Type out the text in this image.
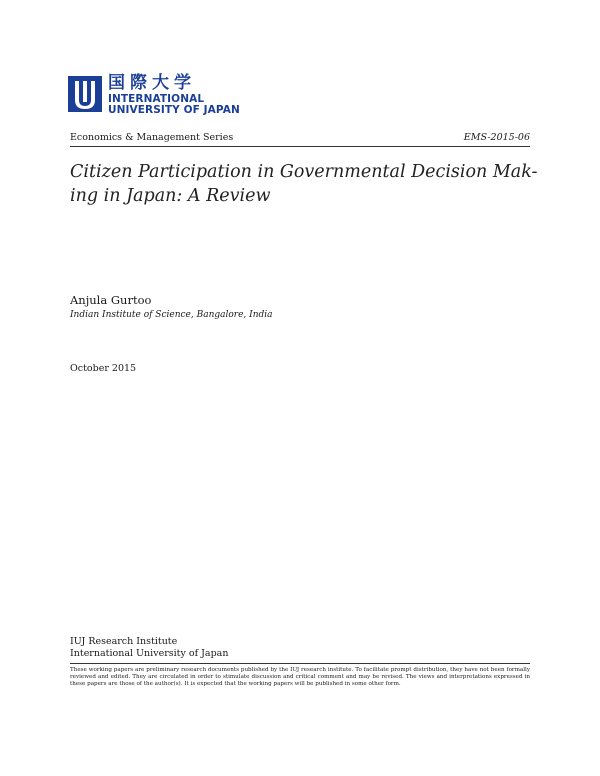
国際大学
INTERNATIONAL
UNIVERSITY OF JAPAN
Economics & Management Series	EMS-2015-06
Citizen Participation in Governmental Decision Mak-
ing in Japan: A Review
Anjula Gurtoo
Indian Institute of Science, Bangalore, India
October 2015
IUJ Research Institute
International University of Japan

These working papers are preliminary research documents published by the IUJ research institute. To facilitate prompt distribution, they have not been formally reviewed and edited. They are circulated in order to stimulate discussion and critical comment and may be revised. The views and interpretations expressed in these papers are those of the author(s). It is expected that the working papers will be published in some other form.
